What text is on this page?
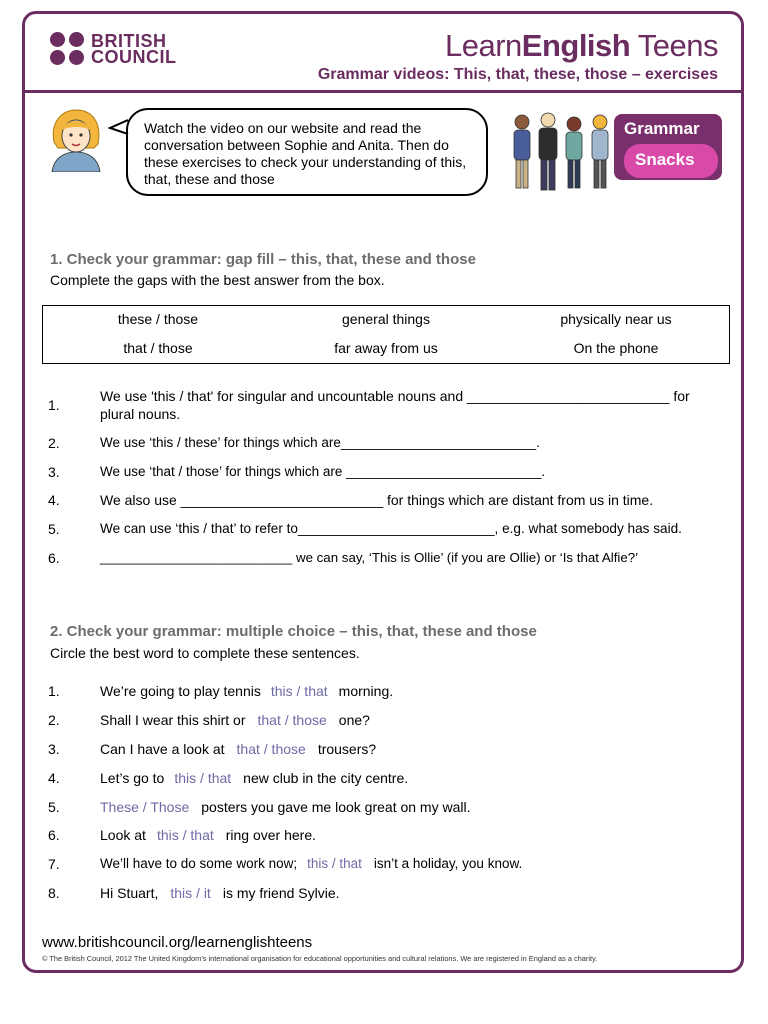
BRITISH
COUNCIL	LearnEnglish Teens
Grammar videos: This, that, these, those – exercises
Watch the video on our website and read the conversation between Sophie and Anita. Then do these exercises to check your understanding of this, that, these and those
Grammar
Snacks
1. Check your grammar: gap fill – this, that, these and those
Complete the gaps with the best answer from the box.
these / those	general things	physically near us
that / those	far away from us	On the phone
1.
We use 'this / that' for singular and uncountable nouns and __________________________ for
plural nouns.
2.	We use ‘this / these’ for things which are__________________________.
3.	We use ‘that / those’ for things which are __________________________.
4.	We also use __________________________ for things which are distant from us in time.
5.	We can use ‘this / that’ to refer to__________________________, e.g. what somebody has said.
6.	__________________________ we can say, ‘This is Ollie’ (if you are Ollie) or ‘Is that Alfie?’
2. Check your grammar: multiple choice – this, that, these and those
Circle the best word to complete these sentences.
1.	We’re going to play tennis this / that morning.
2.	Shall I wear this shirt or that / those one?
3.	Can I have a look at that / those trousers?
4.	Let’s go to this / that new club in the city centre.
5.	These / Those posters you gave me look great on my wall.
6.	Look at this / that ring over here.
7.	We’ll have to do some work now; this / that isn’t a holiday, you know.
8.	Hi Stuart, this / it is my friend Sylvie.
www.britishcouncil.org/learnenglishteens
© The British Council, 2012 The United Kingdom’s international organisation for educational opportunities and cultural relations. We are registered in England as a charity.
